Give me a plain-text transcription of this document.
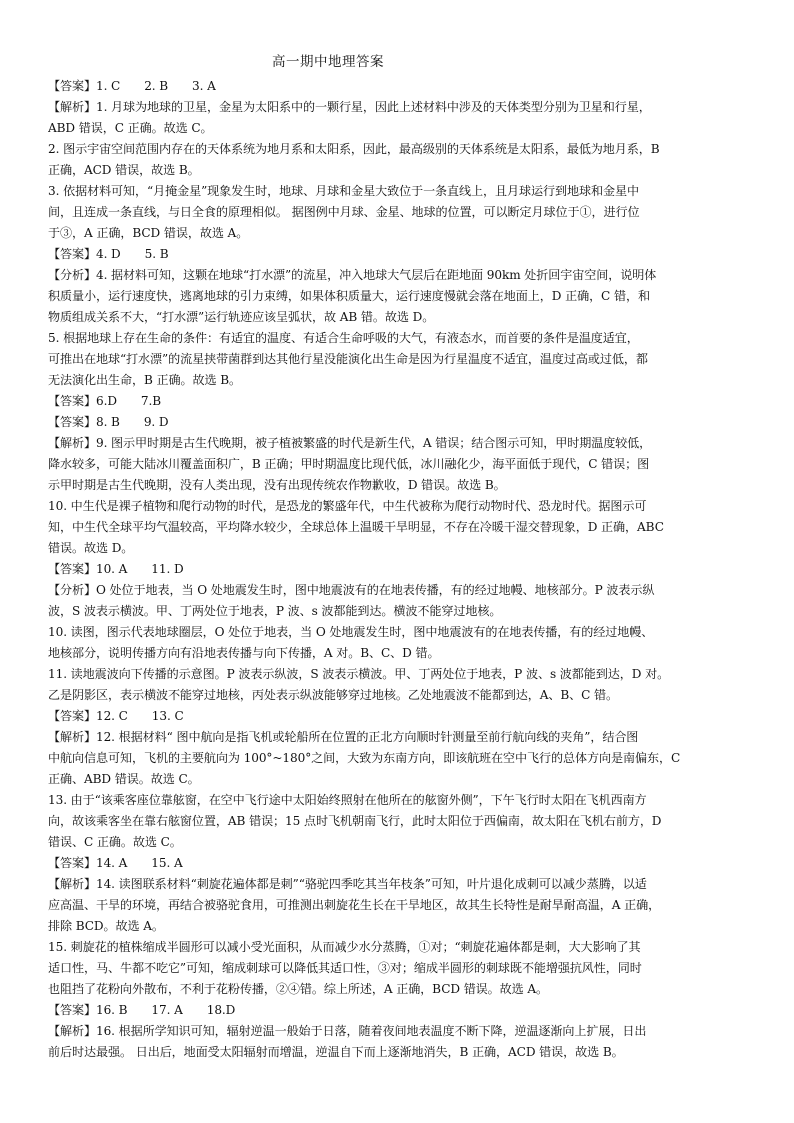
高一期中地理答案

【答案】1. C　　2. B　　3. A

【解析】1. 月球为地球的卫星，金星为太阳系中的一颗行星，因此上述材料中涉及的天体类型分别为卫星和行星，

ABD 错误，C 正确。故选 C。

2. 图示宇宙空间范围内存在的天体系统为地月系和太阳系，因此，最高级别的天体系统是太阳系，最低为地月系，B

正确，ACD 错误，故选 B。

3. 依据材料可知，“月掩金星”现象发生时，地球、月球和金星大致位于一条直线上，且月球运行到地球和金星中

间，且连成一条直线，与日全食的原理相似。 据图例中月球、金星、地球的位置，可以断定月球位于①，进行位

于③，A 正确，BCD 错误，故选 A。

【答案】4. D　　5. B

【分析】4. 据材料可知，这颗在地球“打水漂”的流星，冲入地球大气层后在距地面 90km 处折回宇宙空间，说明体

积质量小，运行速度快，逃离地球的引力束缚，如果体积质量大，运行速度慢就会落在地面上，D 正确，C 错，和

物质组成关系不大，“打水漂”运行轨迹应该呈弧状，故 AB 错。故选 D。

5. 根据地球上存在生命的条件：有适宜的温度、有适合生命呼吸的大气，有液态水，而首要的条件是温度适宜，

可推出在地球“打水漂”的流星挟带菌群到达其他行星没能演化出生命是因为行星温度不适宜，温度过高或过低，都

无法演化出生命，B 正确。故选 B。

【答案】6.D　　7.B

【答案】8. B　　9. D

【解析】9. 图示甲时期是古生代晚期，被子植被繁盛的时代是新生代，A 错误；结合图示可知，甲时期温度较低，

降水较多，可能大陆冰川覆盖面积广，B 正确；甲时期温度比现代低，冰川融化少，海平面低于现代，C 错误；图

示甲时期是古生代晚期，没有人类出现，没有出现传统农作物歉收，D 错误。故选 B。

10. 中生代是裸子植物和爬行动物的时代，是恐龙的繁盛年代，中生代被称为爬行动物时代、恐龙时代。据图示可

知，中生代全球平均气温较高，平均降水较少，全球总体上温暖干旱明显，不存在冷暖干湿交替现象，D 正确，ABC

错误。故选 D。

【答案】10. A　　11. D

【分析】O 处位于地表，当 O 处地震发生时，图中地震波有的在地表传播，有的经过地幔、地核部分。P 波表示纵

波，S 波表示横波。甲、丁两处位于地表，P 波、s 波都能到达。横波不能穿过地核。

10. 读图，图示代表地球圈层，O 处位于地表，当 O 处地震发生时，图中地震波有的在地表传播，有的经过地幔、

地核部分，说明传播方向有沿地表传播与向下传播，A 对。B、C、D 错。

11. 读地震波向下传播的示意图。P 波表示纵波，S 波表示横波。甲、丁两处位于地表，P 波、s 波都能到达，D 对。

乙是阴影区，表示横波不能穿过地核，丙处表示纵波能够穿过地核。乙处地震波不能都到达，A、B、C 错。

【答案】12. C　　13. C

【解析】12. 根据材料“ 图中航向是指飞机或轮船所在位置的正北方向顺时针测量至前行航向线的夹角”，结合图

中航向信息可知，飞机的主要航向为 100°~180°之间，大致为东南方向，即该航班在空中飞行的总体方向是南偏东，C

正确、ABD 错误。故选 C。

13. 由于“该乘客座位靠舷窗，在空中飞行途中太阳始终照射在他所在的舷窗外侧”，下午飞行时太阳在飞机西南方

向，故该乘客坐在靠右舷窗位置，AB 错误；15 点时飞机朝南飞行，此时太阳位于西偏南，故太阳在飞机右前方，D

错误、C 正确。故选 C。

【答案】14. A　　15. A

【解析】14. 读图联系材料“刺旋花遍体都是刺”“骆驼四季吃其当年枝条”可知，叶片退化成刺可以减少蒸腾，以适

应高温、干旱的环境，再结合被骆驼食用，可推测出刺旋花生长在干旱地区，故其生长特性是耐旱耐高温，A 正确，

排除 BCD。故选 A。

15. 刺旋花的植株缩成半圆形可以减小受光面积，从而减少水分蒸腾，①对；“刺旋花遍体都是刺，大大影响了其

适口性，马、牛都不吃它”可知，缩成刺球可以降低其适口性，③对；缩成半圆形的刺球既不能增强抗风性，同时

也阻挡了花粉向外散布，不利于花粉传播，②④错。综上所述，A 正确，BCD 错误。故选 A。

【答案】16. B　　17. A　　18.D

【解析】16. 根据所学知识可知，辐射逆温一般始于日落，随着夜间地表温度不断下降，逆温逐渐向上扩展，日出

前后时达最强。 日出后，地面受太阳辐射而增温，逆温自下而上逐渐地消失，B 正确，ACD 错误，故选 B。
